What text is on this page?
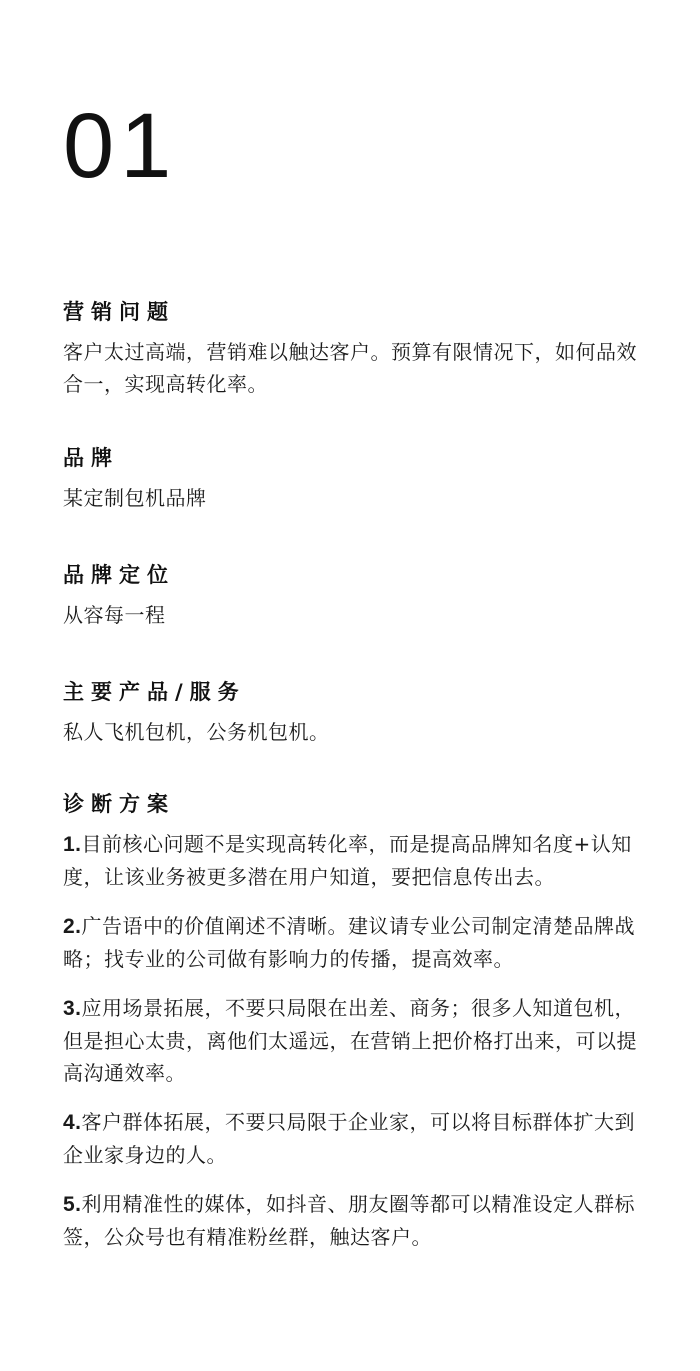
01
营销问题

客户太过高端，营销难以触达客户。预算有限情况下，如何品效合一，实现高转化率。

品牌

某定制包机品牌

品牌定位

从容每一程

主要产品/服务

私人飞机包机，公务机包机。

诊断方案

1.目前核心问题不是实现高转化率，而是提高品牌知名度+认知度，让该业务被更多潜在用户知道，要把信息传出去。

2.广告语中的价值阐述不清晰。建议请专业公司制定清楚品牌战略；找专业的公司做有影响力的传播，提高效率。

3.应用场景拓展，不要只局限在出差、商务；很多人知道包机，但是担心太贵，离他们太遥远，在营销上把价格打出来，可以提高沟通效率。

4.客户群体拓展，不要只局限于企业家，可以将目标群体扩大到企业家身边的人。

5.利用精准性的媒体，如抖音、朋友圈等都可以精准设定人群标签，公众号也有精准粉丝群，触达客户。
